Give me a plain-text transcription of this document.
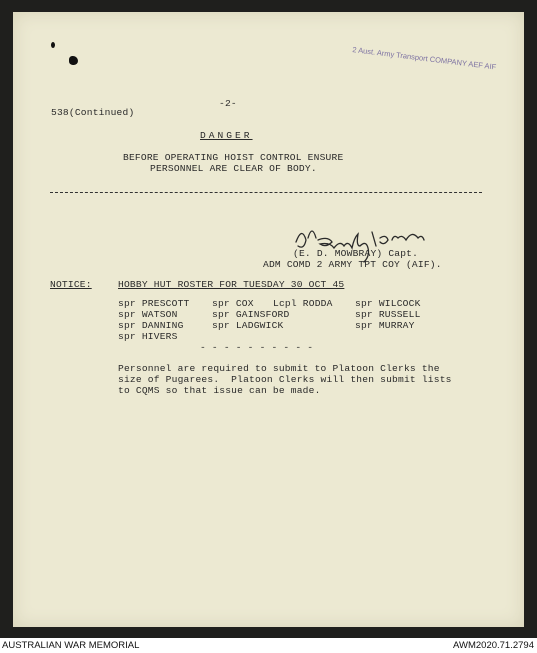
2 Aust. Army Transport COMPANY AEF AIF
538(Continued)
-2-
DANGER
BEFORE OPERATING HOIST CONTROL ENSURE
PERSONNEL ARE CLEAR OF BODY.
(E. D. MOWBRAY) Capt.
ADM COMD 2 ARMY TPT COY (AIF).
NOTICE:	HOBBY HUT ROSTER FOR TUESDAY 30 OCT 45
spr PRESCOTT
spr WATSON
spr DANNING
spr HIVERS
spr COX
spr GAINSFORD
spr LADGWICK
Lcpl RODDA spr WILCOCK
spr RUSSELL
spr MURRAY
- - - - - - - - - -
Personnel are required to submit to Platoon Clerks the
size of Pugarees.  Platoon Clerks will then submit lists
to CQMS so that issue can be made.
AUSTRALIAN WAR MEMORIAL	AWM2020.71.2794
